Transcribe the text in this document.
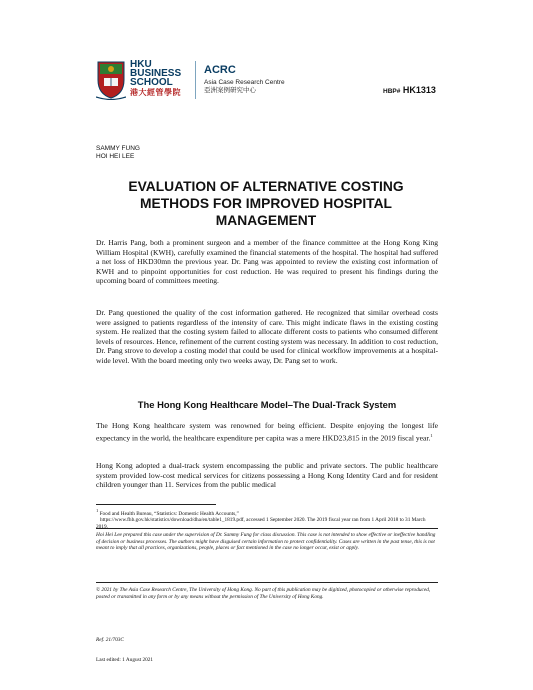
HKU
BUSINESS
SCHOOL
港大經管學院
ACRC
Asia Case Research Centre
亞洲案例研究中心	HBP# HK1313
SAMMY FUNG
HOI HEI LEE
EVALUATION OF ALTERNATIVE COSTING
METHODS FOR IMPROVED HOSPITAL
MANAGEMENT

Dr. Harris Pang, both a prominent surgeon and a member of the finance committee at the Hong Kong King William Hospital (KWH), carefully examined the financial statements of the hospital. The hospital had suffered a net loss of HKD30mn the previous year. Dr. Pang was appointed to review the existing cost information of KWH and to pinpoint opportunities for cost reduction. He was required to present his findings during the upcoming board of committees meeting.

Dr. Pang questioned the quality of the cost information gathered. He recognized that similar overhead costs were assigned to patients regardless of the intensity of care. This might indicate flaws in the existing costing system. He realized that the costing system failed to allocate different costs to patients who consumed different levels of resources. Hence, refinement of the current costing system was necessary. In addition to cost reduction, Dr. Pang strove to develop a costing model that could be used for clinical workflow improvements at a hospital-wide level. With the board meeting only two weeks away, Dr. Pang set to work.

The Hong Kong Healthcare Model–The Dual-Track System

The Hong Kong healthcare system was renowned for being efficient. Despite enjoying the longest life expectancy in the world, the healthcare expenditure per capita was a mere HKD23,815 in the 2019 fiscal year.$^1$

Hong Kong adopted a dual-track system encompassing the public and private sectors. The public healthcare system provided low-cost medical services for citizens possessing a Hong Kong Identity Card and for resident children younger than 11. Services from the public medical

$^1$ Food and Health Bureau, “Statistics: Domestic Health Accounts,”
https://www.fhb.gov.hk/statistics/download/dha/en/table1_1819.pdf, accessed 1 September 2020. The 2019 fiscal year ran from 1 April 2018 to 31 March 2019.

Hoi Hei Lee prepared this case under the supervision of Dr. Sammy Fung for class discussion. This case is not intended to show effective or ineffective handling of decision or business processes. The authors might have disguised certain information to protect confidentiality. Cases are written in the past tense, this is not meant to imply that all practices, organizations, people, places or fact mentioned in the case no longer occur, exist or apply.

© 2021 by The Asia Case Research Centre, The University of Hong Kong. No part of this publication may be digitized, photocopied or otherwise reproduced, posted or transmitted in any form or by any means without the permission of The University of Hong Kong.

Ref. 21/703C
Last edited: 1 August 2021
